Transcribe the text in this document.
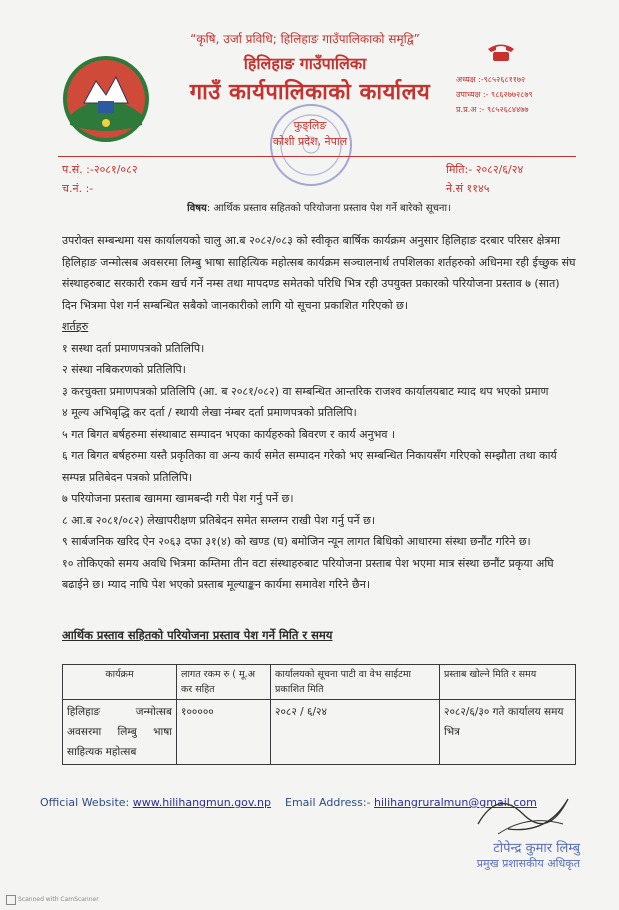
“कृषि, उर्जा प्रविधि; हिलिहाङ गाउँपालिकाको समृद्वि”
हिलिहाङ गाउँपालिका
गाउँ कार्यपालिकाको कार्यालय
फुङ्लिङ
कोशी प्रदेश, नेपाल
अध्यक्ष :-९८५२६८११७२
उपाध्यक्ष :- ९८६२७७२८७९
प्र.प्र.अ :- ९८५२६८४४७७
प.सं. :-२०८१/०८२
च.नं. :-
मिति:- २०८२/६/२४
ने.सं ११४५
विषय: आर्थिक प्रस्ताव सहितको परियोजना प्रस्ताव पेश गर्ने बारेको सूचना।

उपरोक्त सम्बन्धमा यस कार्यालयको चालु आ.ब २०८२/०८३ को स्वीकृत बार्षिक कार्यक्रम अनुसार हिलिहाङ दरबार परिसर क्षेत्रमा हिलिहाङ जन्मोत्सब अवसरमा लिम्बु भाषा साहित्यिक महोत्सब कार्यक्रम सञ्चालनार्थ तपशिलका शर्तहरुको अधिनमा रही ईच्छुक संघ संस्थाहरुबाट सरकारी रकम खर्च गर्ने नम्स तथा मापदण्ड समेतको परिधि भित्र रही उपयुक्त प्रकारको परियोजना प्रस्ताव ७ (सात) दिन भित्रमा पेश गर्न सम्बन्धित सबैको जानकारीको लागि यो सूचना प्रकाशित गरिएको छ।

शर्तहरु

१ सस्था दर्ता प्रमाणपत्रको प्रतिलिपि।

२ संस्था नबिकरणको प्रतिलिपि।

३ करचुक्ता प्रमाणपत्रको प्रतिलिपि (आ. ब २०८१/०८२) वा सम्बन्धित आन्तरिक राजश्व कार्यालयबाट म्याद थप भएको प्रमाण

४ मूल्य अभिबृद्धि कर दर्ता / स्थायी लेखा नंम्बर दर्ता प्रमाणपत्रको प्रतिलिपि।

५ गत बिगत बर्षहरुमा संस्थाबाट सम्पादन भएका कार्यहरुको बिवरण र कार्य अनुभव ।

६ गत बिगत बर्षहरुमा यस्तै प्रकृतिका वा अन्य कार्य समेत सम्पादन गरेको भए सम्बन्धित निकायसँग गरिएको सम्झौता तथा कार्य सम्पन्न प्रतिबेदन पत्रको प्रतिलिपि।

७ परियोजना प्रस्ताब खाममा खामबन्दी गरी पेश गर्नु पर्ने छ।

८ आ.ब २०८१/०८२) लेखापरीक्षण प्रतिबेदन समेत सम्लग्न राखी पेश गर्नु पर्ने छ।

९ सार्बजनिक खरिद ऐन २०६३ दफा ३१(४) को खण्ड (घ) बमोजिन न्यून लागत बिधिको आधारमा संस्था छनौंट गरिने छ।

१० तोकिएको समय अवधि भित्रमा कम्तिमा तीन वटा संस्थाहरुबाट परियोजना प्रस्ताब पेश भएमा मात्र संस्था छनौंट प्रकृया अघि बढाईने छ। म्याद नाघि पेश भएको प्रस्ताब मूल्याङ्कन कार्यमा समावेश गरिने छैन।

आर्थिक प्रस्ताव सहितको परियोजना प्रस्ताव पेश गर्ने मिति र समय
कार्यक्रम	लागत रकम रु ( मू.अ कर सहित	कार्यालयको सूचना पाटी वा वेभ साईटमा प्रकाशित मिति	प्रस्ताब खोल्ने मिति र समय
हिलिहाङ जन्मोत्सब अवसरमा लिम्बु भाषा साहित्यक महोत्सब	१०००००	२०८२ / ६/२४	२०८२/६/३० गते कार्यालय समय भित्र
Official Website: www.hilihangmun.gov.np Email Address:- hilihangruralmun@gmail.com
टोपेन्द्र कुमार लिम्बु
प्रमुख प्रशासकीय अधिकृत
Scanned with CamScanner
